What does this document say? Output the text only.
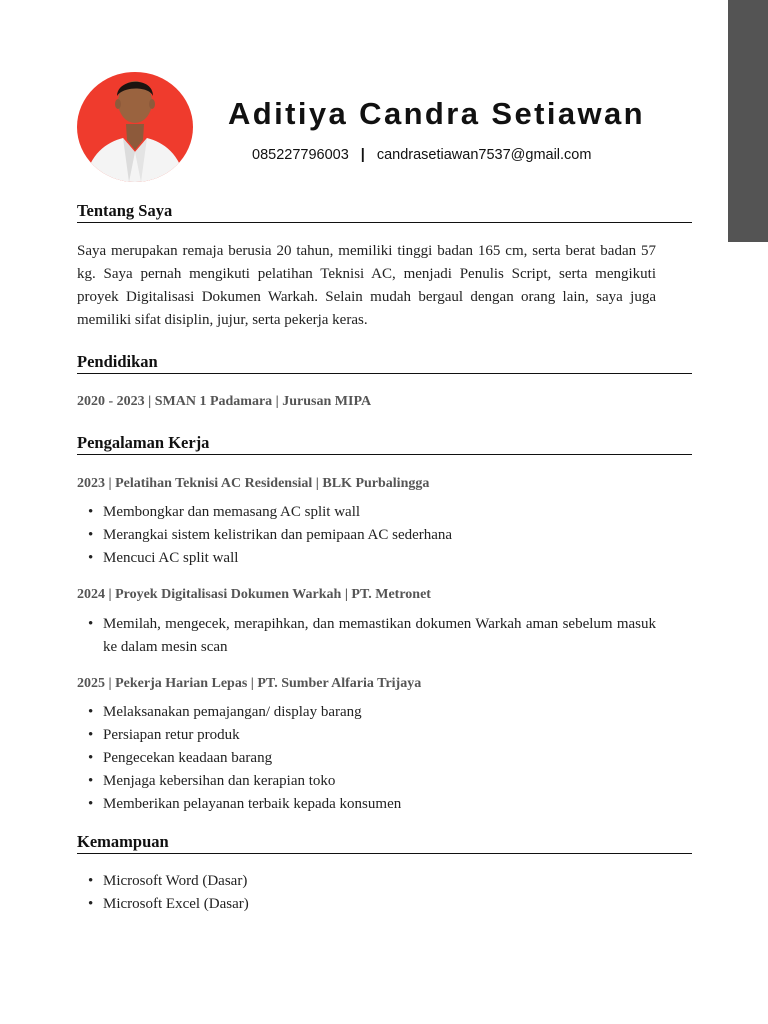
Aditiya Candra Setiawan
085227796003 | candrasetiawan7537@gmail.com
Tentang Saya
Saya merupakan remaja berusia 20 tahun, memiliki tinggi badan 165 cm, serta berat badan 57 kg. Saya pernah mengikuti pelatihan Teknisi AC, menjadi Penulis Script, serta mengikuti proyek Digitalisasi Dokumen Warkah. Selain mudah bergaul dengan orang lain, saya juga memiliki sifat disiplin, jujur, serta pekerja keras.
Pendidikan
2020 - 2023 | SMAN 1 Padamara | Jurusan MIPA
Pengalaman Kerja
2023 | Pelatihan Teknisi AC Residensial | BLK Purbalingga
• Membongkar dan memasang AC split wall
• Merangkai sistem kelistrikan dan pemipaan AC sederhana
• Mencuci AC split wall
2024 | Proyek Digitalisasi Dokumen Warkah | PT. Metronet
• Memilah, mengecek, merapihkan, dan memastikan dokumen Warkah aman sebelum masuk ke dalam mesin scan
2025 | Pekerja Harian Lepas | PT. Sumber Alfaria Trijaya
• Melaksanakan pemajangan/ display barang
• Persiapan retur produk
• Pengecekan keadaan barang
• Menjaga kebersihan dan kerapian toko
• Memberikan pelayanan terbaik kepada konsumen
Kemampuan
• Microsoft Word (Dasar)
• Microsoft Excel (Dasar)
